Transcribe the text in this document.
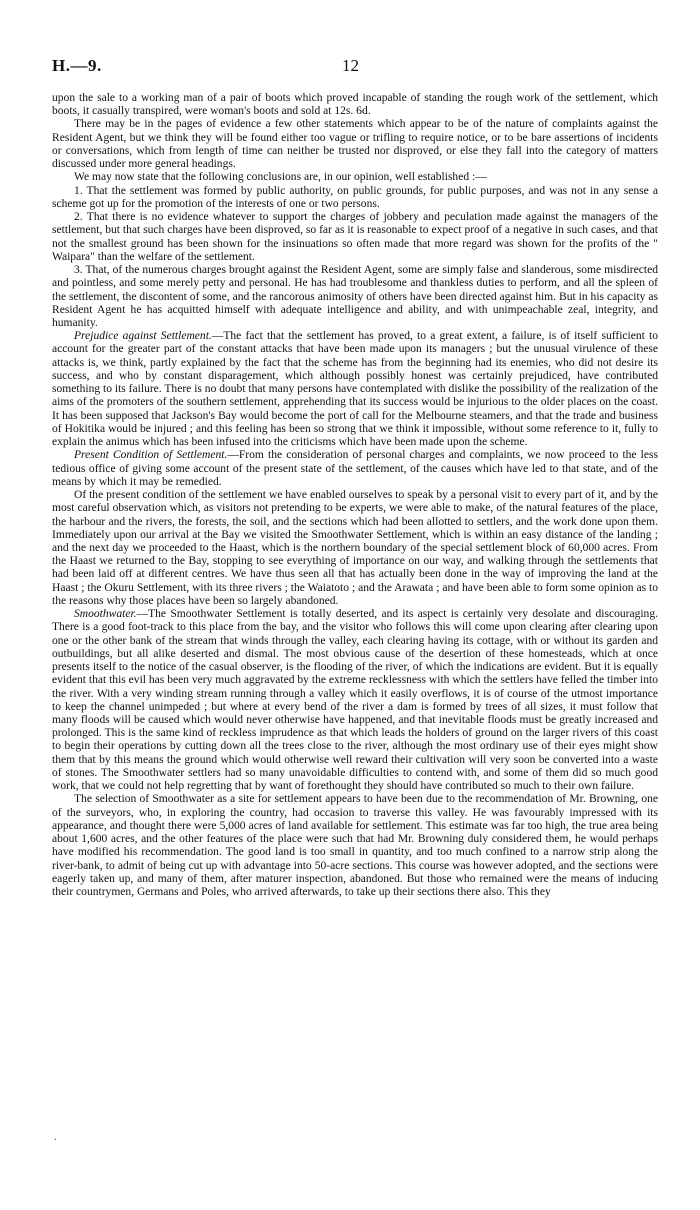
H.—9.	12

upon the sale to a working man of a pair of boots which proved incapable of standing the rough work of the settlement, which boots, it casually transpired, were woman's boots and sold at 12s. 6d.

There may be in the pages of evidence a few other statements which appear to be of the nature of complaints against the Resident Agent, but we think they will be found either too vague or trifling to require notice, or to be bare assertions of incidents or conversations, which from length of time can neither be trusted nor disproved, or else they fall into the category of matters discussed under more general headings.

We may now state that the following conclusions are, in our opinion, well established :—

1. That the settlement was formed by public authority, on public grounds, for public purposes, and was not in any sense a scheme got up for the promotion of the interests of one or two persons.

2. That there is no evidence whatever to support the charges of jobbery and peculation made against the managers of the settlement, but that such charges have been disproved, so far as it is reasonable to expect proof of a negative in such cases, and that not the smallest ground has been shown for the insinuations so often made that more regard was shown for the profits of the " Waipara" than the welfare of the settlement.

3. That, of the numerous charges brought against the Resident Agent, some are simply false and slanderous, some misdirected and pointless, and some merely petty and personal. He has had troublesome and thankless duties to perform, and all the spleen of the settlement, the discontent of some, and the rancorous animosity of others have been directed against him. But in his capacity as Resident Agent he has acquitted himself with adequate intelligence and ability, and with unimpeachable zeal, integrity, and humanity.

Prejudice against Settlement.—The fact that the settlement has proved, to a great extent, a failure, is of itself sufficient to account for the greater part of the constant attacks that have been made upon its managers ; but the unusual virulence of these attacks is, we think, partly explained by the fact that the scheme has from the beginning had its enemies, who did not desire its success, and who by constant disparagement, which although possibly honest was certainly prejudiced, have contributed something to its failure. There is no doubt that many persons have contemplated with dislike the possibility of the realization of the aims of the promoters of the southern settlement, apprehending that its success would be injurious to the older places on the coast. It has been supposed that Jackson's Bay would become the port of call for the Melbourne steamers, and that the trade and business of Hokitika would be injured ; and this feeling has been so strong that we think it impossible, without some reference to it, fully to explain the animus which has been infused into the criticisms which have been made upon the scheme.

Present Condition of Settlement.—From the consideration of personal charges and complaints, we now proceed to the less tedious office of giving some account of the present state of the settlement, of the causes which have led to that state, and of the means by which it may be remedied.

Of the present condition of the settlement we have enabled ourselves to speak by a personal visit to every part of it, and by the most careful observation which, as visitors not pretending to be experts, we were able to make, of the natural features of the place, the harbour and the rivers, the forests, the soil, and the sections which had been allotted to settlers, and the work done upon them. Immediately upon our arrival at the Bay we visited the Smoothwater Settlement, which is within an easy distance of the landing ; and the next day we proceeded to the Haast, which is the northern boundary of the special settlement block of 60,000 acres. From the Haast we returned to the Bay, stopping to see everything of importance on our way, and walking through the settlements that had been laid off at different centres. We have thus seen all that has actually been done in the way of improving the land at the Haast ; the Okuru Settlement, with its three rivers ; the Waiatoto ; and the Arawata ; and have been able to form some opinion as to the reasons why those places have been so largely abandoned.

Smoothwater.—The Smoothwater Settlement is totally deserted, and its aspect is certainly very desolate and discouraging. There is a good foot-track to this place from the bay, and the visitor who follows this will come upon clearing after clearing upon one or the other bank of the stream that winds through the valley, each clearing having its cottage, with or without its garden and outbuildings, but all alike deserted and dismal. The most obvious cause of the desertion of these homesteads, which at once presents itself to the notice of the casual observer, is the flooding of the river, of which the indications are evident. But it is equally evident that this evil has been very much aggravated by the extreme recklessness with which the settlers have felled the timber into the river. With a very winding stream running through a valley which it easily overflows, it is of course of the utmost importance to keep the channel unimpeded ; but where at every bend of the river a dam is formed by trees of all sizes, it must follow that many floods will be caused which would never otherwise have happened, and that inevitable floods must be greatly increased and prolonged. This is the same kind of reckless imprudence as that which leads the holders of ground on the larger rivers of this coast to begin their operations by cutting down all the trees close to the river, although the most ordinary use of their eyes might show them that by this means the ground which would otherwise well reward their cultivation will very soon be converted into a waste of stones. The Smoothwater settlers had so many unavoidable difficulties to contend with, and some of them did so much good work, that we could not help regretting that by want of forethought they should have contributed so much to their own failure.

The selection of Smoothwater as a site for settlement appears to have been due to the recommendation of Mr. Browning, one of the surveyors, who, in exploring the country, had occasion to traverse this valley. He was favourably impressed with its appearance, and thought there were 5,000 acres of land available for settlement. This estimate was far too high, the true area being about 1,600 acres, and the other features of the place were such that had Mr. Browning duly considered them, he would perhaps have modified his recommendation. The good land is too small in quantity, and too much confined to a narrow strip along the river-bank, to admit of being cut up with advantage into 50-acre sections. This course was however adopted, and the sections were eagerly taken up, and many of them, after maturer inspection, abandoned. But those who remained were the means of inducing their countrymen, Germans and Poles, who arrived afterwards, to take up their sections there also. This they

.
